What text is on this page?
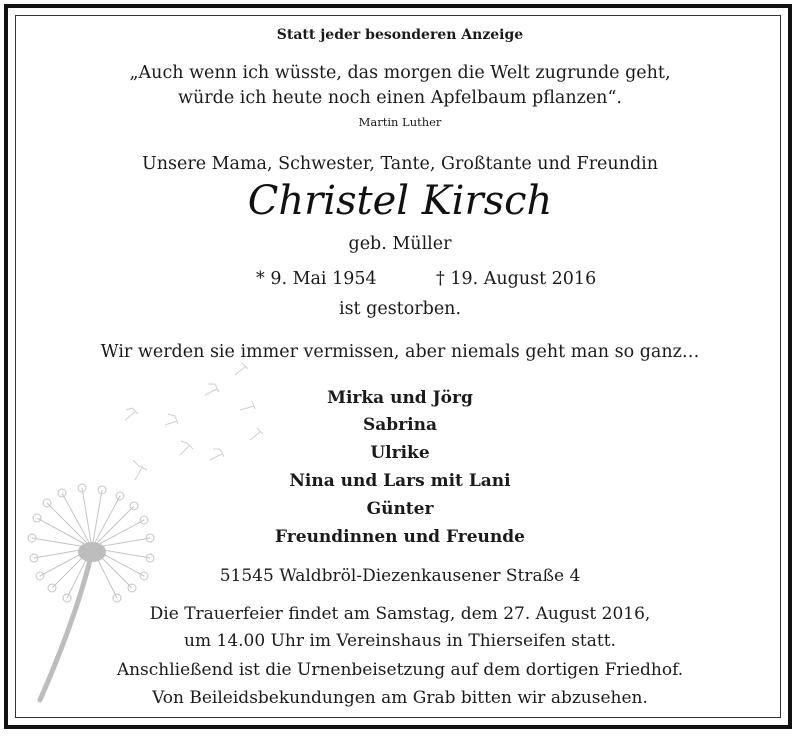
Statt jeder besonderen Anzeige
„Auch wenn ich wüsste, das morgen die Welt zugrunde geht,
würde ich heute noch einen Apfelbaum pflanzen“.
Martin Luther
Unsere Mama, Schwester, Tante, Großtante und Freundin
Christel Kirsch
geb. Müller
* 9. Mai 1954	† 19. August 2016
ist gestorben.
Wir werden sie immer vermissen, aber niemals geht man so ganz…
Mirka und Jörg
Sabrina
Ulrike
Nina und Lars mit Lani
Günter
Freundinnen und Freunde
51545 Waldbröl-Diezenkausener Straße 4
Die Trauerfeier findet am Samstag, dem 27. August 2016,
um 14.00 Uhr im Vereinshaus in Thierseifen statt.
Anschließend ist die Urnenbeisetzung auf dem dortigen Friedhof.
Von Beileidsbekundungen am Grab bitten wir abzusehen.
